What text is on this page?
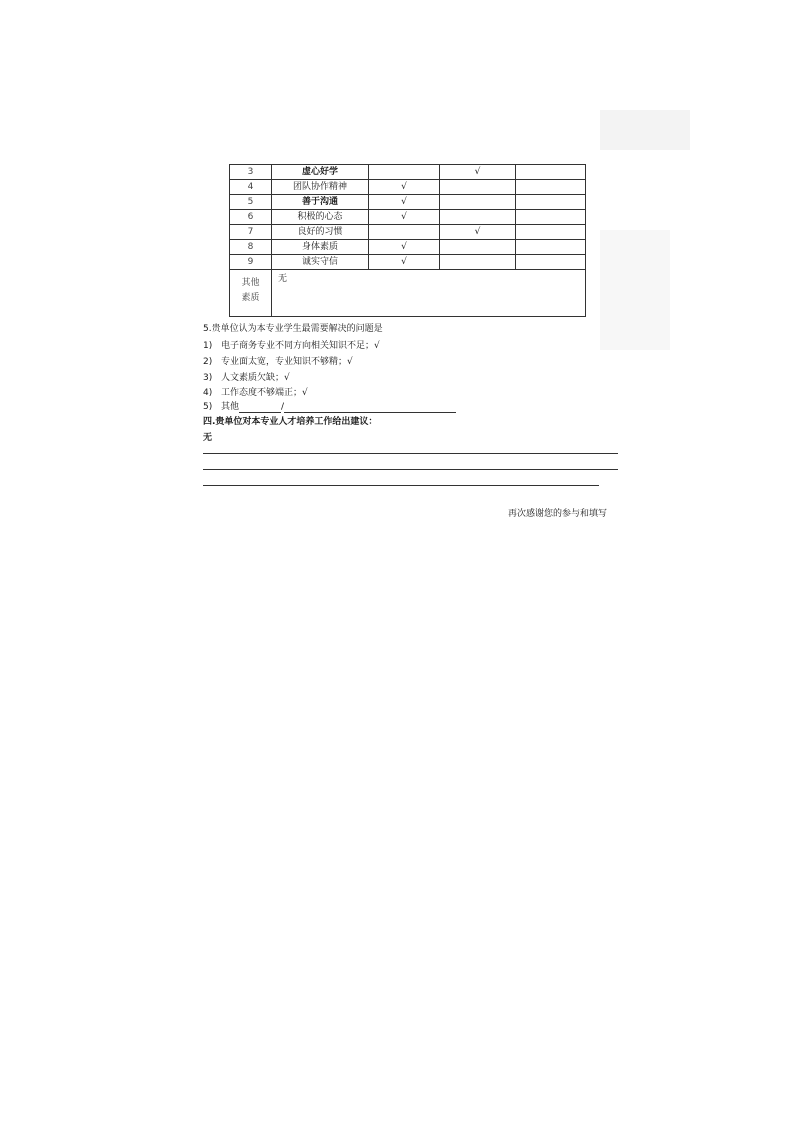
3	虚心好学		√	
4	团队协作精神	√		
5	善于沟通	√		
6	积极的心态	√		
7	良好的习惯		√	
8	身体素质	√		
9	诚实守信	√		
其他
素质	无			
5.贵单位认为本专业学生最需要解决的问题是
1) 电子商务专业不同方向相关知识不足；√
2) 专业面太宽，专业知识不够精；√
3) 人文素质欠缺；√
4) 工作态度不够端正；√
5) 其他	/
四.贵单位对本专业人才培养工作给出建议：
无
再次感谢您的参与和填写
